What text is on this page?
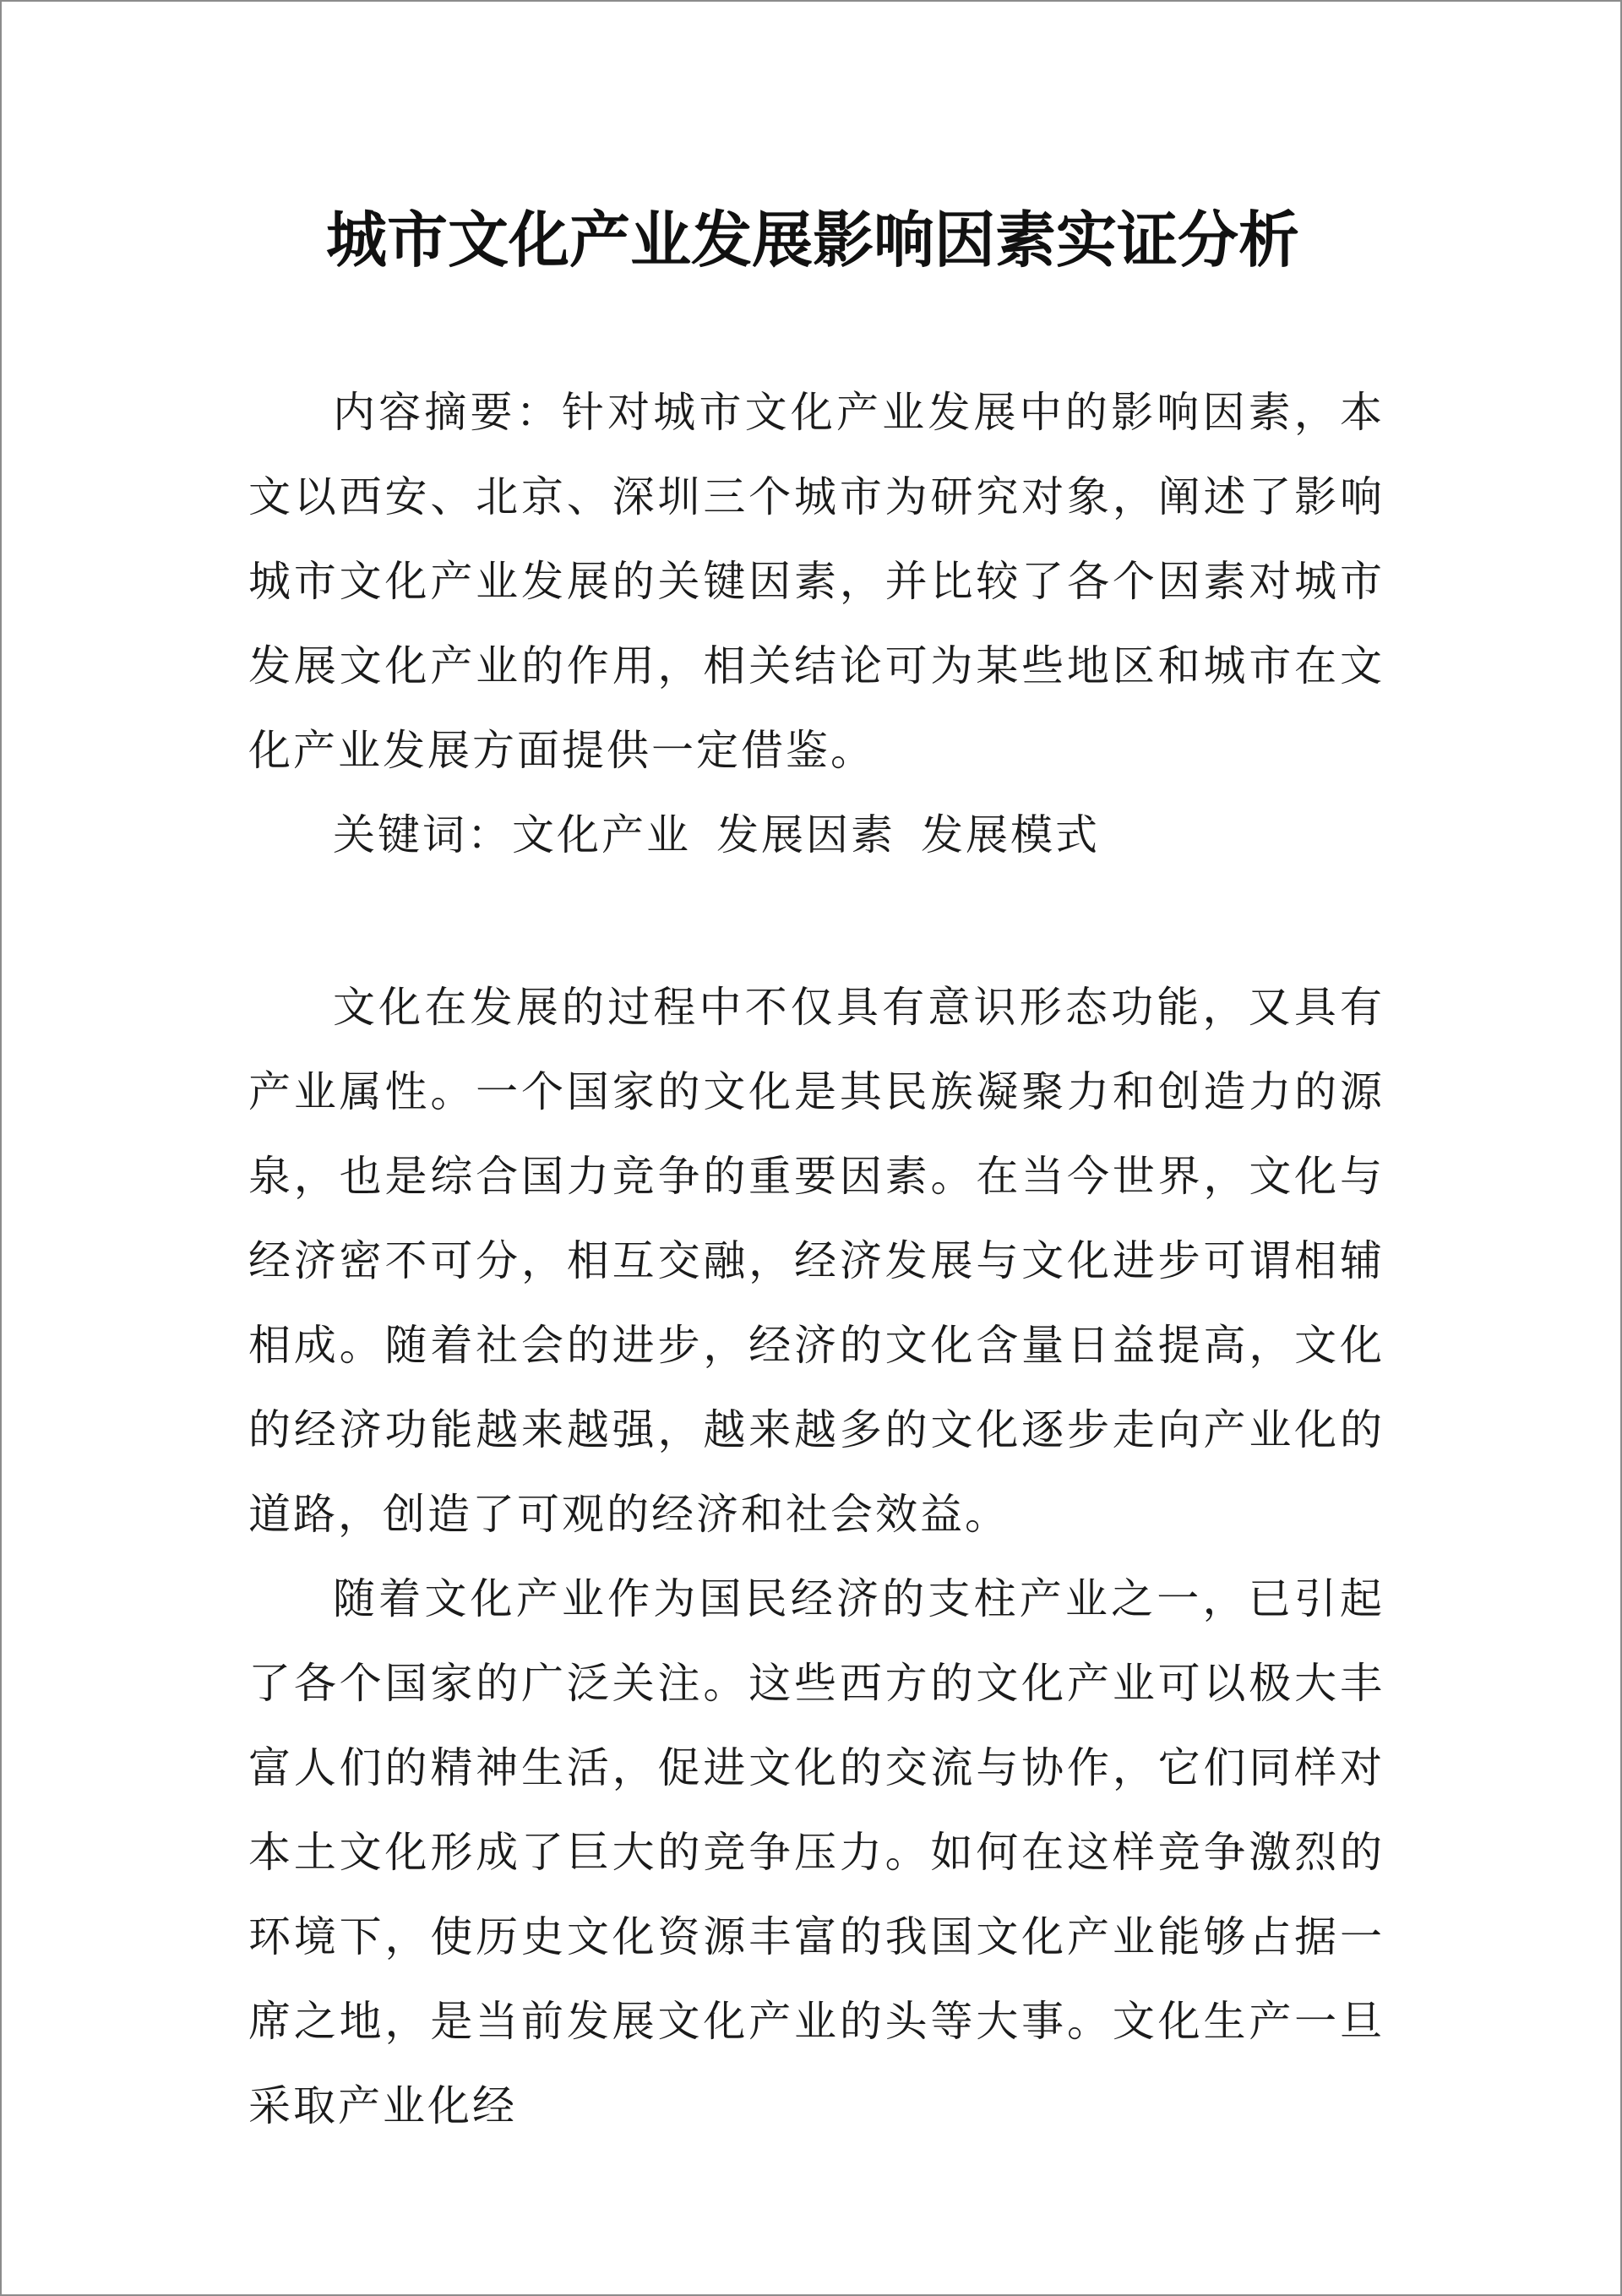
城市文化产业发展影响因素实证分析

内容摘要：针对城市文化产业发展中的影响因素，本文以西安、北京、深圳三个城市为研究对象，阐述了影响城市文化产业发展的关键因素，并比较了各个因素对城市发展文化产业的作用，相关结论可为某些地区和城市在文化产业发展方面提供一定借鉴。

关键词：文化产业 发展因素 发展模式

文化在发展的过程中不仅具有意识形态功能，又具有产业属性。一个国家的文化是其民族凝聚力和创造力的源泉，也是综合国力竞争的重要因素。在当今世界，文化与经济密不可分，相互交融，经济发展与文化进步可谓相辅相成。随着社会的进步，经济的文化含量日益提高，文化的经济功能越来越强，越来越多的文化逐步走向产业化的道路，创造了可观的经济和社会效益。

随着文化产业作为国民经济的支柱产业之一，已引起了各个国家的广泛关注。这些西方的文化产业可以极大丰富人们的精神生活，促进文化的交流与协作，它们同样对本土文化形成了巨大的竞争压力。如何在这样竞争激烈的环境下，使历史文化资源丰富的我国文化产业能够占据一席之地，是当前发展文化产业的头等大事。文化生产一旦采取产业化经
